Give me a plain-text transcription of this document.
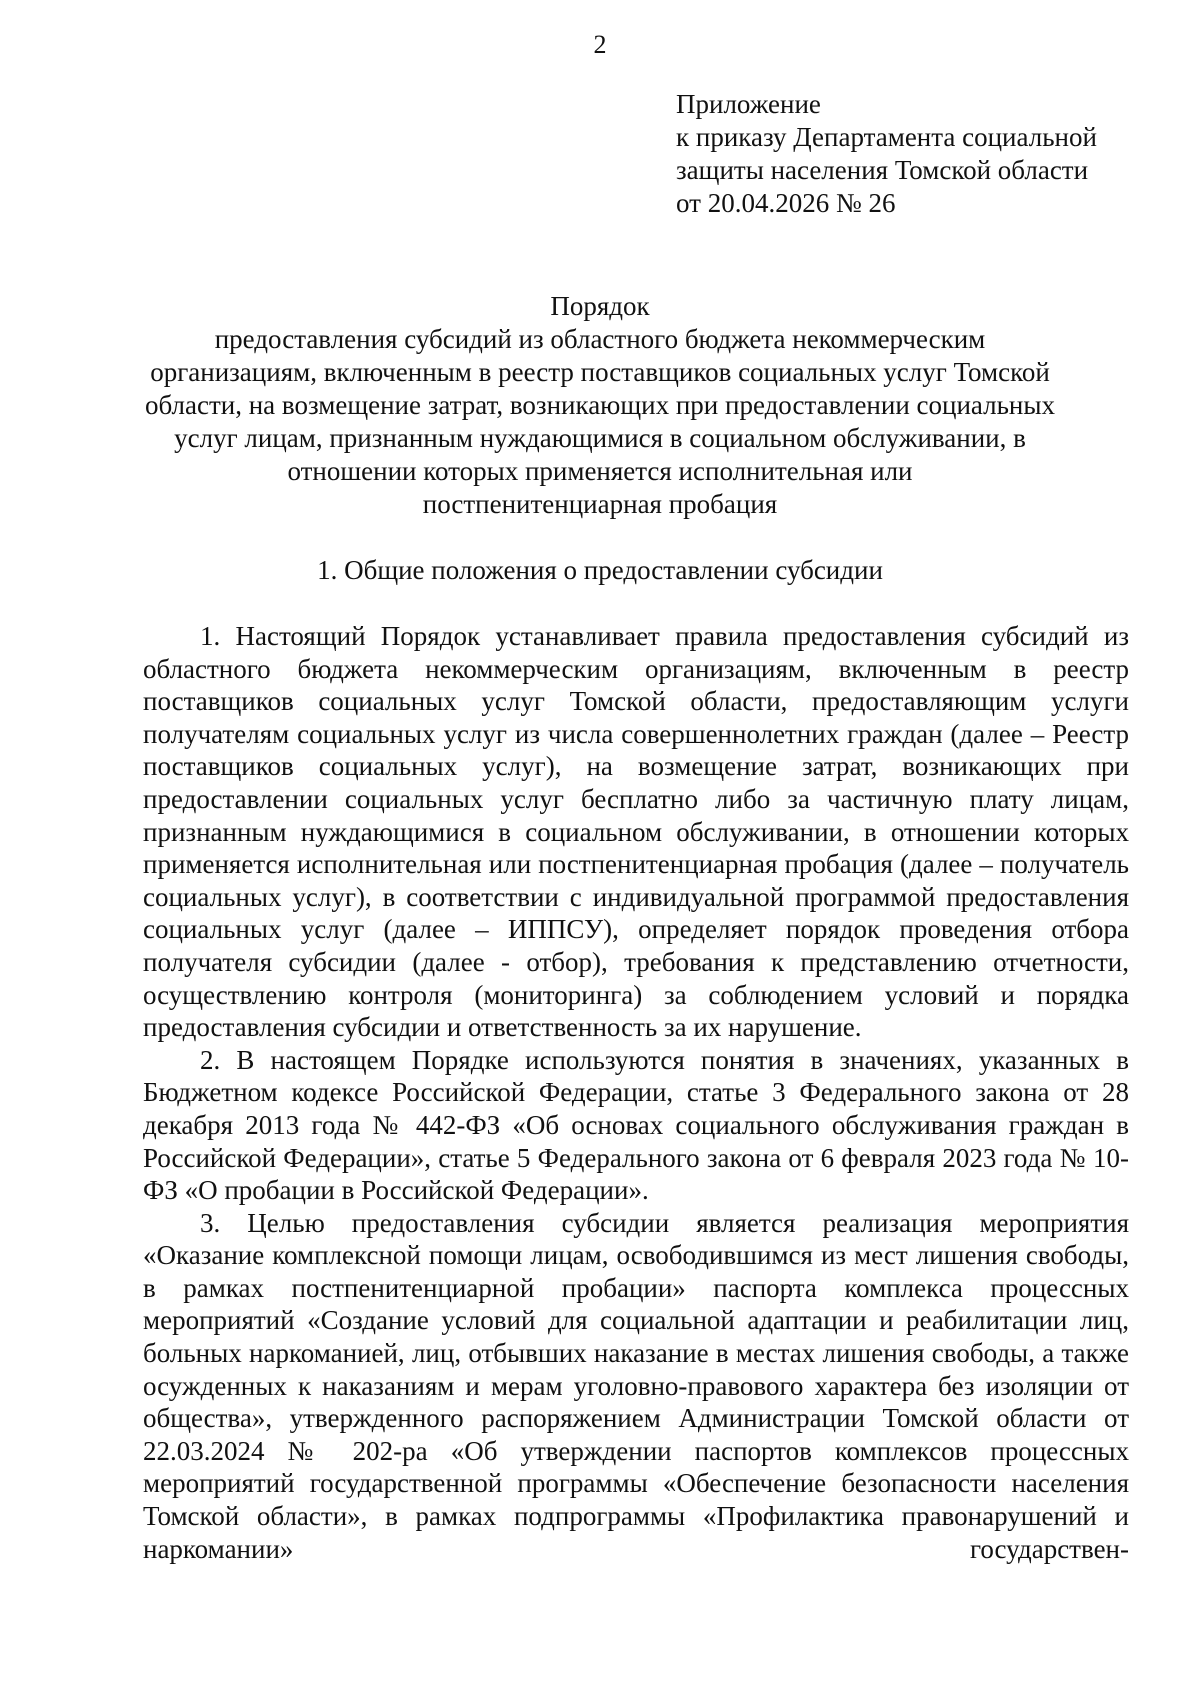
2
Приложение
к приказу Департамента социальной
защиты населения Томской области
от 20.04.2026 № 26
Порядок
предоставления субсидий из областного бюджета некоммерческим
организациям, включенным в реестр поставщиков социальных услуг Томской
области, на возмещение затрат, возникающих при предоставлении социальных
услуг лицам, признанным нуждающимися в социальном обслуживании, в
отношении которых применяется исполнительная или
постпенитенциарная пробация
1. Общие положения о предоставлении субсидии

1. Настоящий Порядок устанавливает правила предоставления субсидий из областного бюджета некоммерческим организациям, включенным в реестр поставщиков социальных услуг Томской области, предоставляющим услуги получателям социальных услуг из числа совершеннолетних граждан (далее – Реестр поставщиков социальных услуг), на возмещение затрат, возникающих при предоставлении социальных услуг бесплатно либо за частичную плату лицам, признанным нуждающимися в социальном обслуживании, в отношении которых применяется исполнительная или постпенитенциарная пробация (далее – получатель социальных услуг), в соответствии с индивидуальной программой предоставления социальных услуг (далее – ИППСУ), определяет порядок проведения отбора получателя субсидии (далее - отбор), требования к представлению отчетности, осуществлению контроля (мониторинга) за соблюдением условий и порядка предоставления субсидии и ответственность за их нарушение.

2. В настоящем Порядке используются понятия в значениях, указанных в Бюджетном кодексе Российской Федерации, статье 3 Федерального закона от 28 декабря 2013 года № 442-ФЗ «Об основах социального обслуживания граждан в Российской Федерации», статье 5 Федерального закона от 6 февраля 2023 года № 10-ФЗ «О пробации в Российской Федерации».

3. Целью предоставления субсидии является реализация мероприятия «Оказание комплексной помощи лицам, освободившимся из мест лишения свободы, в рамках постпенитенциарной пробации» паспорта комплекса процессных мероприятий «Создание условий для социальной адаптации и реабилитации лиц, больных наркоманией, лиц, отбывших наказание в местах лишения свободы, а также осужденных к наказаниям и мерам уголовно-правового характера без изоляции от общества», утвержденного распоряжением Администрации Томской области от 22.03.2024 № 202-ра «Об утверждении паспортов комплексов процессных мероприятий государственной программы «Обеспечение безопасности населения Томской области», в рамках подпрограммы «Профилактика правонарушений и наркомании» государствен-
